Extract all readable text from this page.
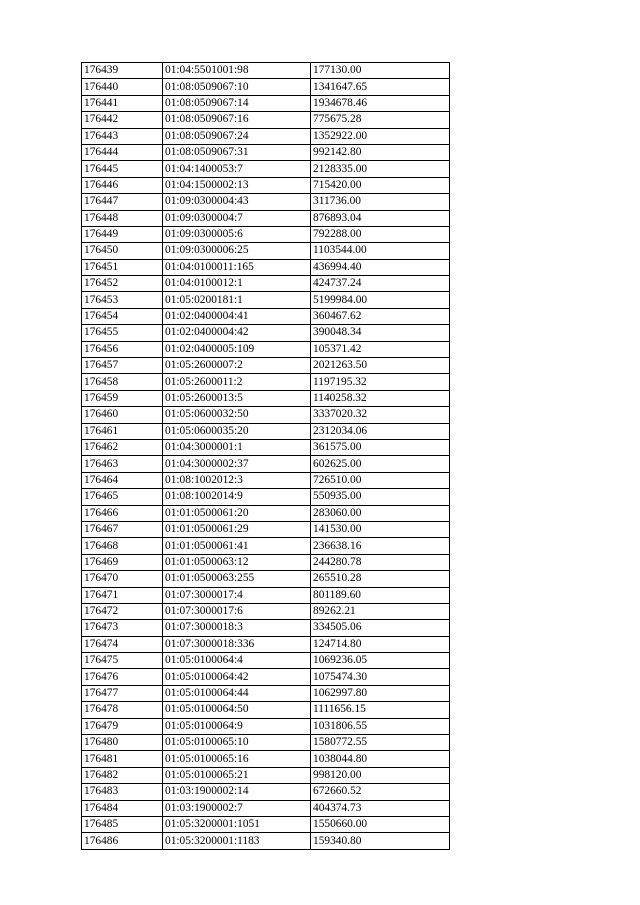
176439	01:04:5501001:98	177130.00
176440	01:08:0509067:10	1341647.65
176441	01:08:0509067:14	1934678.46
176442	01:08:0509067:16	775675.28
176443	01:08:0509067:24	1352922.00
176444	01:08:0509067:31	992142.80
176445	01:04:1400053:7	2128335.00
176446	01:04:1500002:13	715420.00
176447	01:09:0300004:43	311736.00
176448	01:09:0300004:7	876893.04
176449	01:09:0300005:6	792288.00
176450	01:09:0300006:25	1103544.00
176451	01:04:0100011:165	436994.40
176452	01:04:0100012:1	424737.24
176453	01:05:0200181:1	5199984.00
176454	01:02:0400004:41	360467.62
176455	01:02:0400004:42	390048.34
176456	01:02:0400005:109	105371.42
176457	01:05:2600007:2	2021263.50
176458	01:05:2600011:2	1197195.32
176459	01:05:2600013:5	1140258.32
176460	01:05:0600032:50	3337020.32
176461	01:05:0600035:20	2312034.06
176462	01:04:3000001:1	361575.00
176463	01:04:3000002:37	602625.00
176464	01:08:1002012:3	726510.00
176465	01:08:1002014:9	550935.00
176466	01:01:0500061:20	283060.00
176467	01:01:0500061:29	141530.00
176468	01:01:0500061:41	236638.16
176469	01:01:0500063:12	244280.78
176470	01:01:0500063:255	265510.28
176471	01:07:3000017:4	801189.60
176472	01:07:3000017:6	89262.21
176473	01:07:3000018:3	334505.06
176474	01:07:3000018:336	124714.80
176475	01:05:0100064:4	1069236.05
176476	01:05:0100064:42	1075474.30
176477	01:05:0100064:44	1062997.80
176478	01:05:0100064:50	1111656.15
176479	01:05:0100064:9	1031806.55
176480	01:05:0100065:10	1580772.55
176481	01:05:0100065:16	1038044.80
176482	01:05:0100065:21	998120.00
176483	01:03:1900002:14	672660.52
176484	01:03:1900002:7	404374.73
176485	01:05:3200001:1051	1550660.00
176486	01:05:3200001:1183	159340.80
